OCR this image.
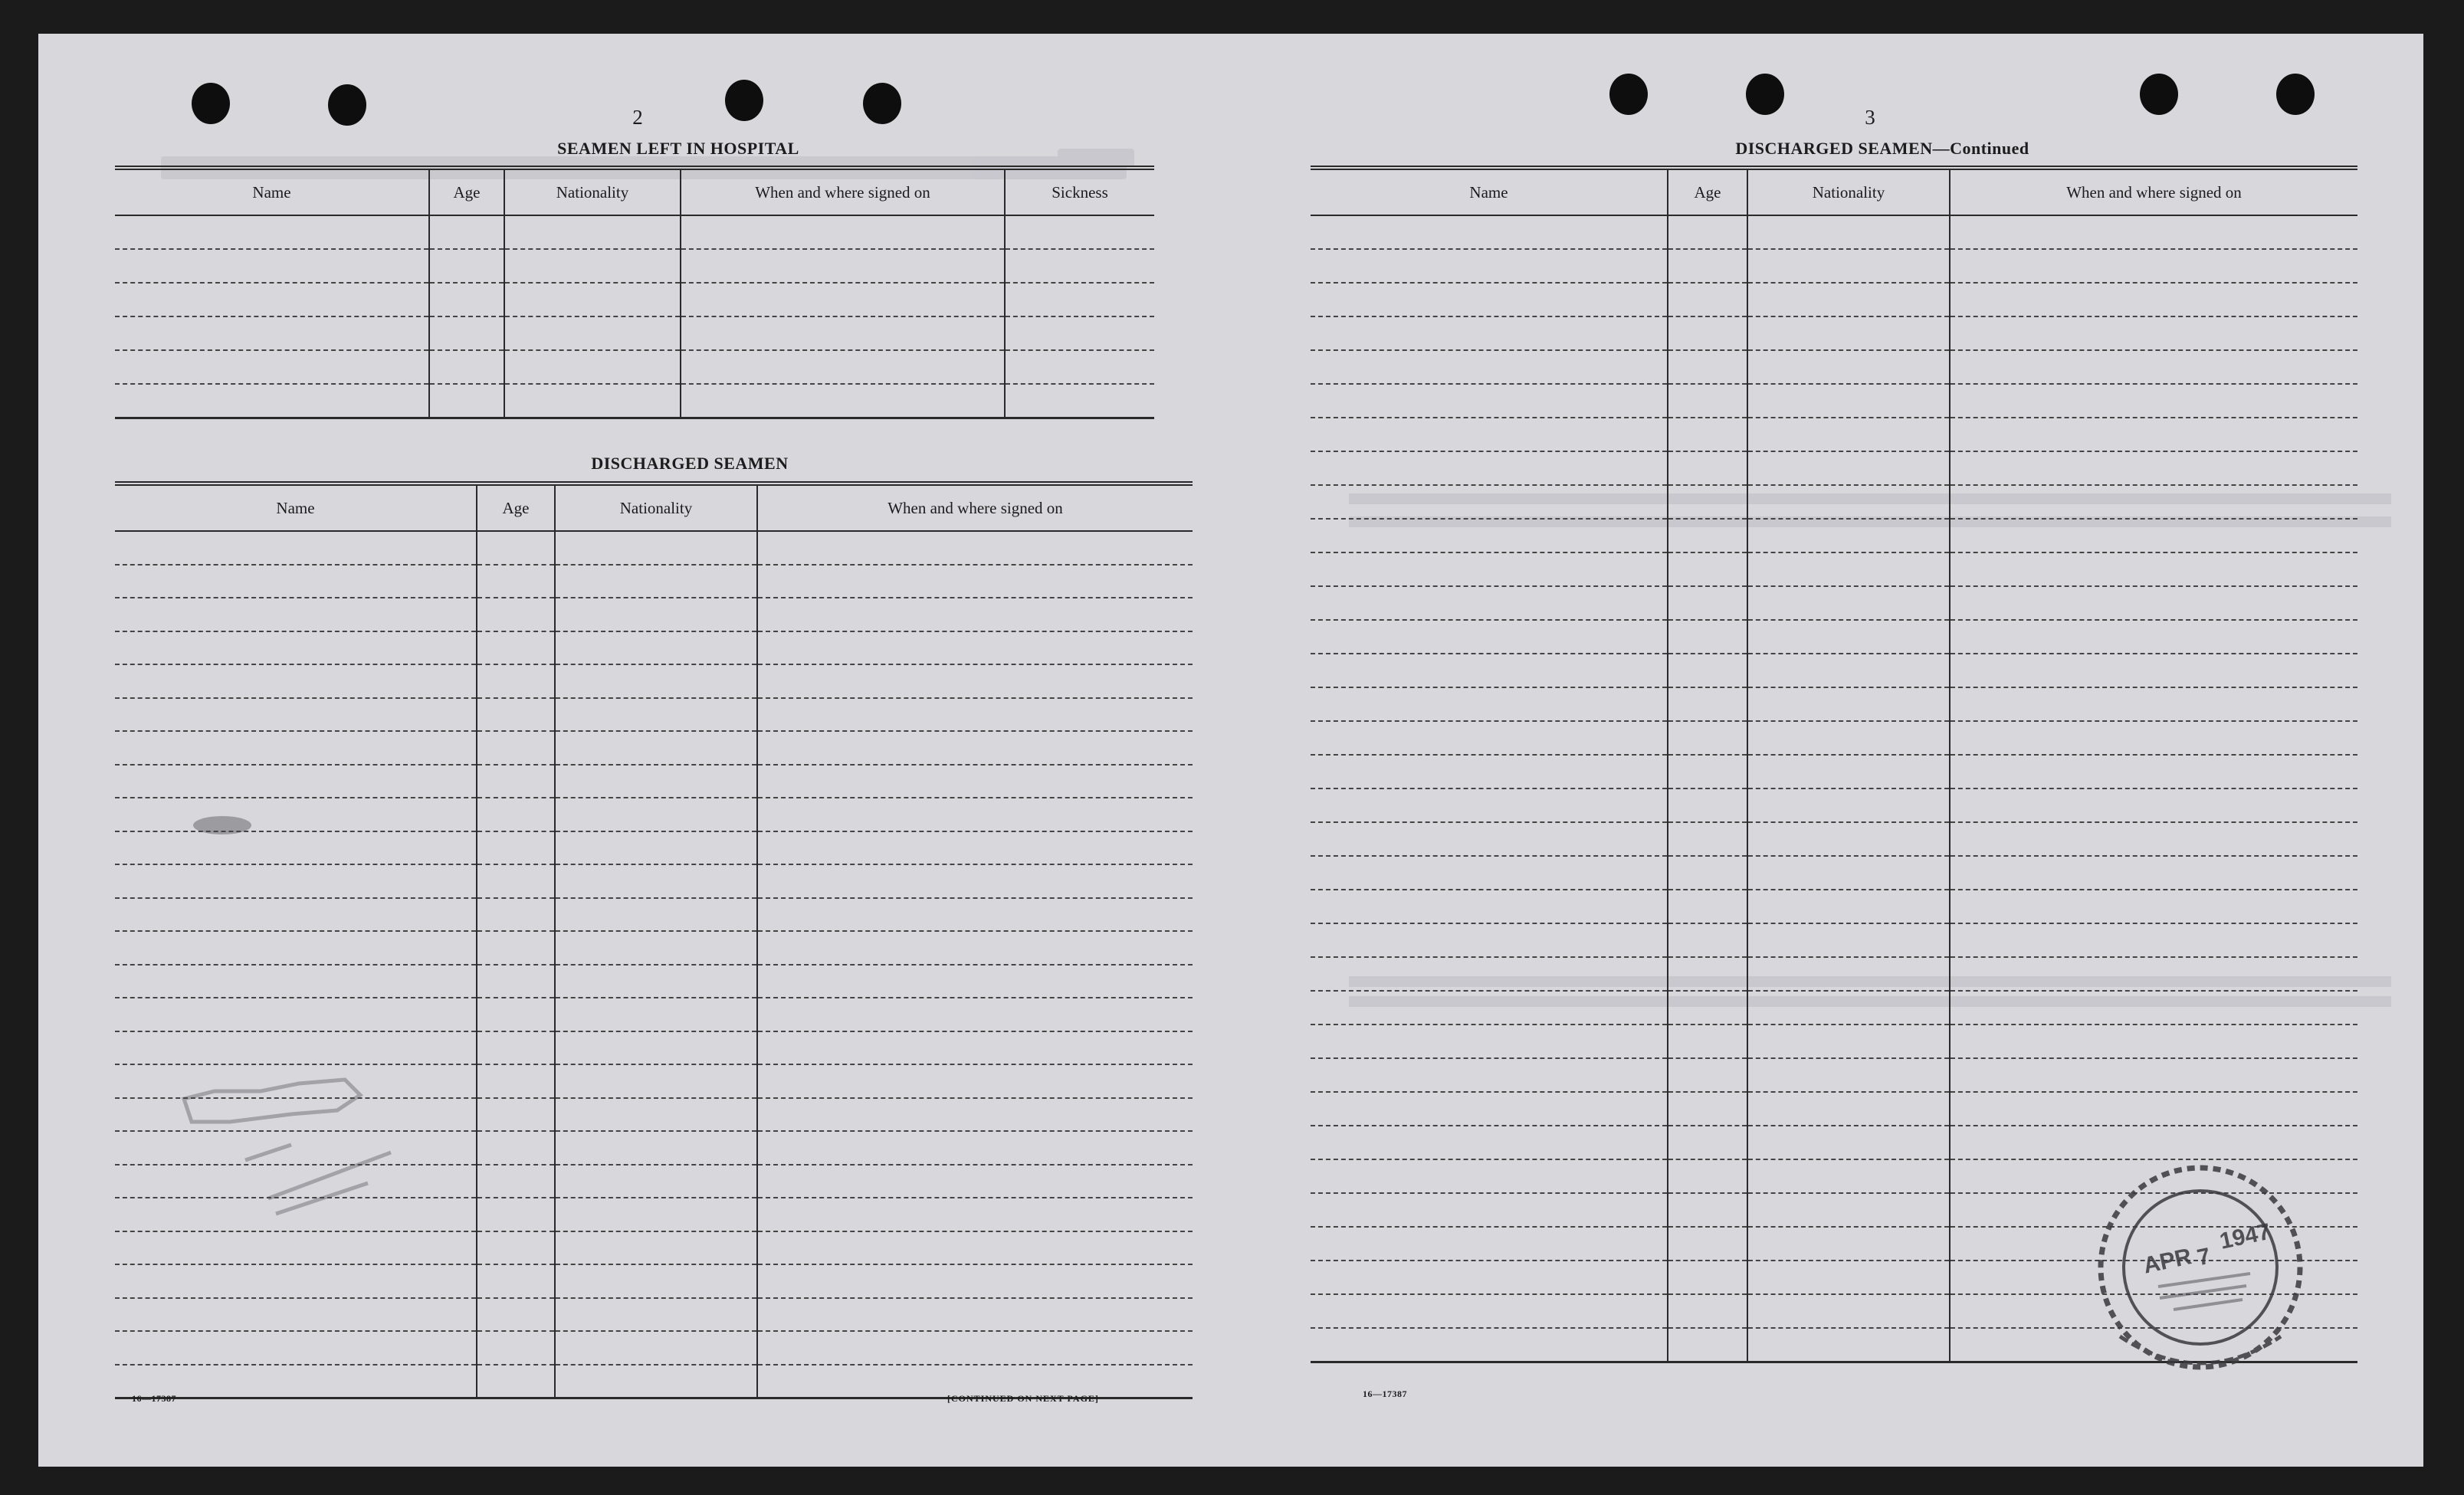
2
SEAMEN LEFT IN HOSPITAL
Name	Age	Nationality	When and where signed on	Sickness

DISCHARGED SEAMEN
Name	Age	Nationality	When and where signed on

16—17387	[CONTINUED ON NEXT PAGE]
3
DISCHARGED SEAMEN—Continued
Name	Age	Nationality	When and where signed on

16—17387
APR 7
1947
